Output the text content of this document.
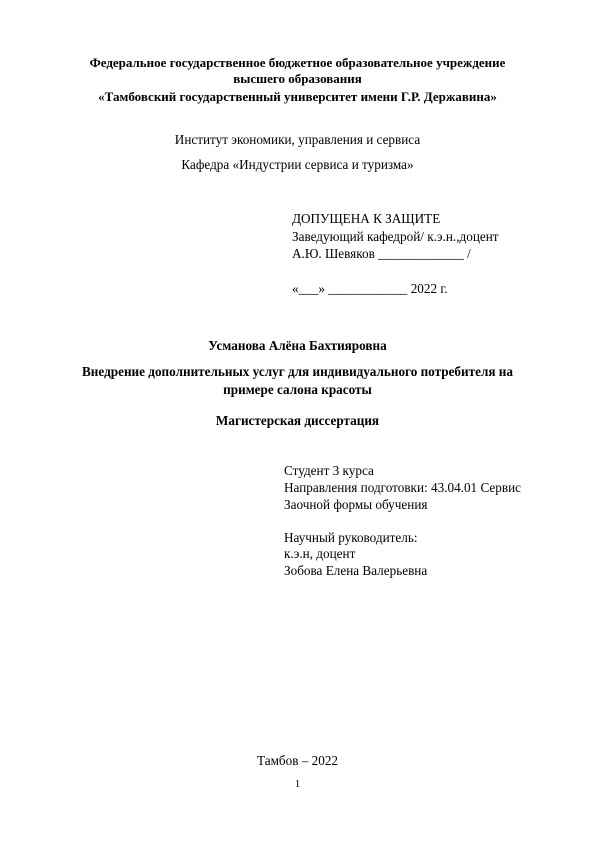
Федеральное государственное бюджетное образовательное учреждение
высшего образования
«Тамбовский государственный университет имени Г.Р. Державина»
Институт экономики, управления и сервиса
Кафедра «Индустрии сервиса и туризма»
ДОПУЩЕНА К ЗАЩИТЕ
Заведующий кафедрой/ к.э.н.,доцент
А.Ю. Шевяков _____________ /
«___» ____________ 2022 г.
Усманова Алёна Бахтияровна
Внедрение дополнительных услуг для индивидуального потребителя на
примере салона красоты
Магистерская диссертация
Студент 3 курса
Направления подготовки: 43.04.01 Сервис
Заочной формы обучения
Научный руководитель:
к.э.н, доцент
Зобова Елена Валерьевна
Тамбов – 2022
1
